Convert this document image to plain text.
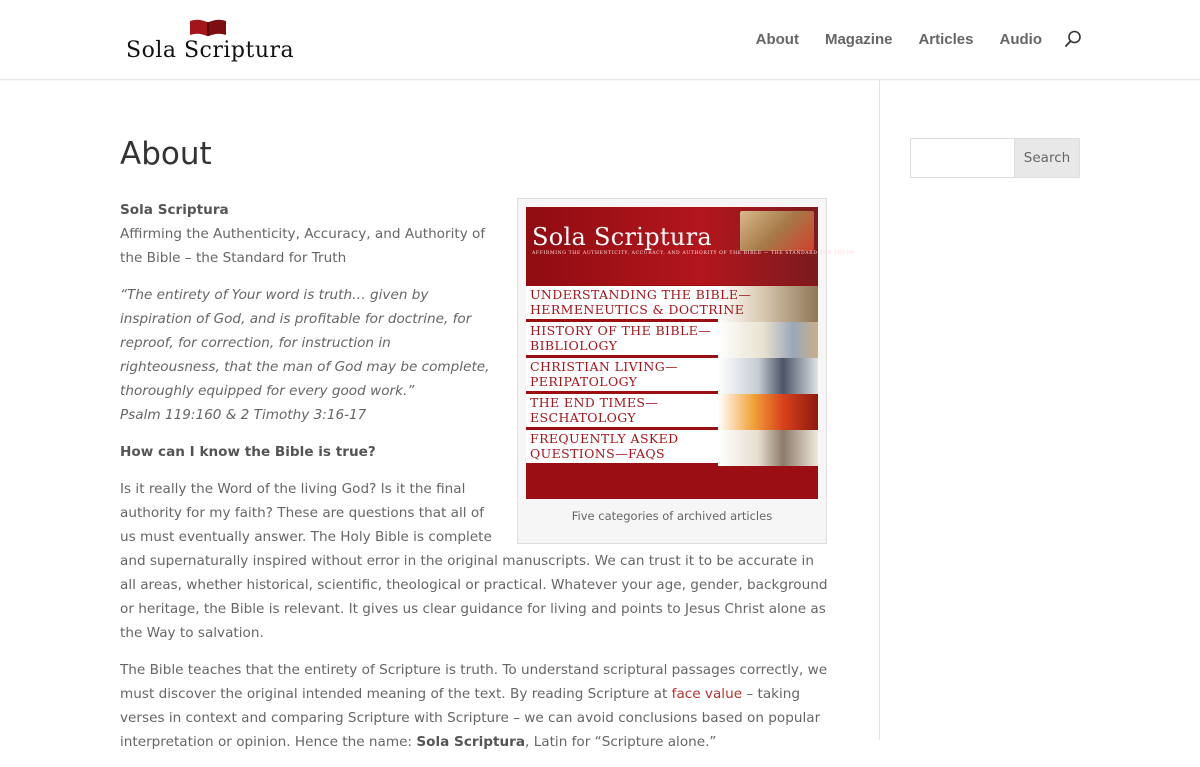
Sola Scriptura	About Magazine Articles Audio
About
Sola Scriptura
AFFIRMING THE AUTHENTICITY, ACCURACY, AND AUTHORITY OF THE BIBLE — THE STANDARD FOR TRUTH
UNDERSTANDING THE BIBLE—
HERMENEUTICS & DOCTRINE
HISTORY OF THE BIBLE—
BIBLIOLOGY
CHRISTIAN LIVING—
PERIPATOLOGY
THE END TIMES—
ESCHATOLOGY
FREQUENTLY ASKED
QUESTIONS—FAQS
Five categories of archived articles

Sola Scriptura
Affirming the Authenticity, Accuracy, and Authority of the Bible – the Standard for Truth

“The entirety of Your word is truth… given by inspiration of God, and is profitable for doctrine, for reproof, for correction, for instruction in righteousness, that the man of God may be complete, thoroughly equipped for every good work.”
Psalm 119:160 & 2 Timothy 3:16-17

How can I know the Bible is true?

Is it really the Word of the living God? Is it the final authority for my faith? These are questions that all of us must eventually answer. The Holy Bible is complete and supernaturally inspired without error in the original manuscripts. We can trust it to be accurate in all areas, whether historical, scientific, theological or practical. Whatever your age, gender, background or heritage, the Bible is relevant. It gives us clear guidance for living and points to Jesus Christ alone as the Way to salvation.

The Bible teaches that the entirety of Scripture is truth. To understand scriptural passages correctly, we must discover the original intended meaning of the text. By reading Scripture at face value – taking verses in context and comparing Scripture with Scripture – we can avoid conclusions based on popular interpretation or opinion. Hence the name: Sola Scriptura, Latin for “Scripture alone.”

Search
